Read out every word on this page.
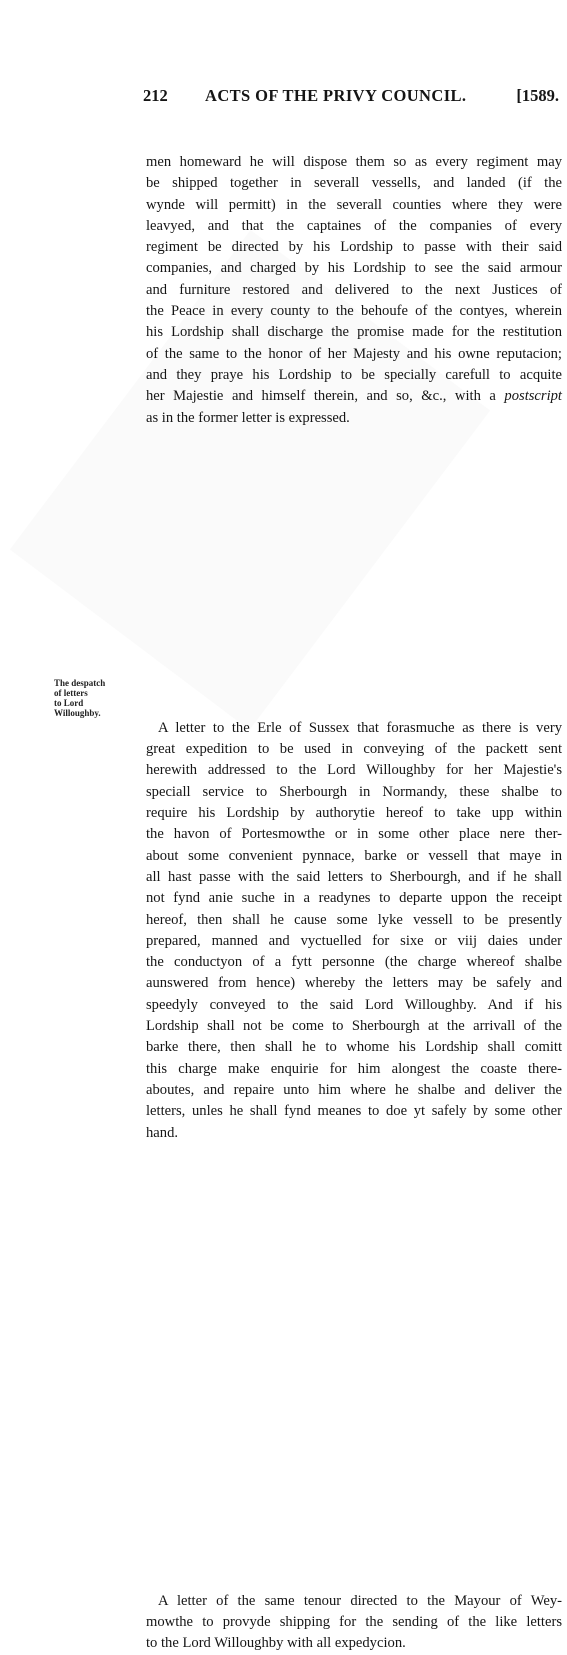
212 ACTS OF THE PRIVY COUNCIL.	[1589.
men homeward he will dispose them so as every regiment may
be shipped together in severall vessells, and landed (if the
wynde will permitt) in the severall counties where they were
leavyed, and that the captaines of the companies of every
regiment be directed by his Lordship to passe with their said
companies, and charged by his Lordship to see the said armour
and furniture restored and delivered to the next Justices of
the Peace in every county to the behoufe of the contyes, wherein
his Lordship shall discharge the promise made for the restitution
of the same to the honor of her Majesty and his owne reputacion;
and they praye his Lordship to be specially carefull to acquite
her Majestie and himself therein, and so, &c., with a postscript
as in the former letter is expressed.
The despatch
of letters
to Lord
Willoughby.
A letter to the Erle of Sussex that forasmuche as there is very
great expedition to be used in conveying of the packett sent
herewith addressed to the Lord Willoughby for her Majestie's
speciall service to Sherbourgh in Normandy, these shalbe to
require his Lordship by authorytie hereof to take upp within
the havon of Portesmowthe or in some other place nere ther-
about some convenient pynnace, barke or vessell that maye in
all hast passe with the said letters to Sherbourgh, and if he shall
not fynd anie suche in a readynes to departe uppon the receipt
hereof, then shall he cause some lyke vessell to be presently
prepared, manned and vyctuelled for sixe or viij daies under
the conductyon of a fytt personne (the charge whereof shalbe
aunswered from hence) whereby the letters may be safely and
speedyly conveyed to the said Lord Willoughby. And if his
Lordship shall not be come to Sherbourgh at the arrivall of the
barke there, then shall he to whome his Lordship shall comitt
this charge make enquirie for him alongest the coaste there-
aboutes, and repaire unto him where he shalbe and deliver the
letters, unles he shall fynd meanes to doe yt safely by some other
hand.
A letter of the same tenour directed to the Mayour of Wey-
mowthe to provyde shipping for the sending of the like letters
to the Lord Willoughby with all expedycion.
